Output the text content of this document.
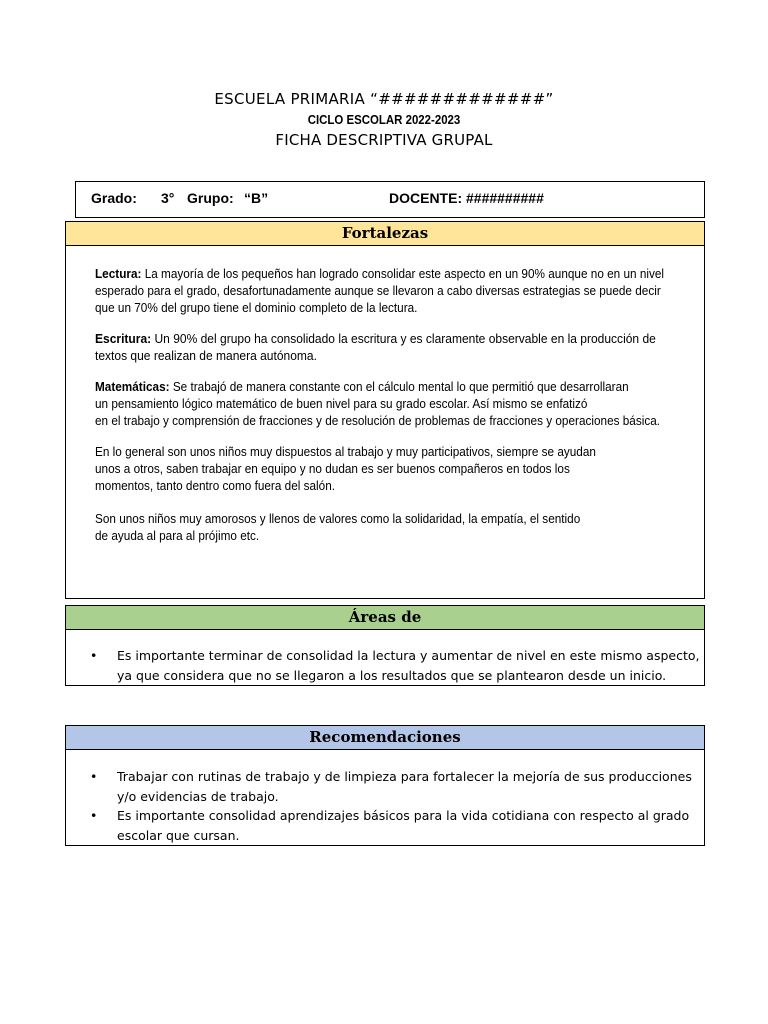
ESCUELA PRIMARIA “#############”
CICLO ESCOLAR 2022-2023
FICHA DESCRIPTIVA GRUPAL
Grado: 3° Grupo: “B”	DOCENTE: ##########
Fortalezas
Lectura: La mayoría de los pequeños han logrado consolidar este aspecto en un 90% aunque no en un nivel
esperado para el grado, desafortunadamente aunque se llevaron a cabo diversas estrategias se puede decir
que un 70% del grupo tiene el dominio completo de la lectura.
Escritura: Un 90% del grupo ha consolidado la escritura y es claramente observable en la producción de
textos que realizan de manera autónoma.
Matemáticas: Se trabajó de manera constante con el cálculo mental lo que permitió que desarrollaran
un pensamiento lógico matemático de buen nivel para su grado escolar. Así mismo se enfatizó
en el trabajo y comprensión de fracciones y de resolución de problemas de fracciones y operaciones básica.
En lo general son unos niños muy dispuestos al trabajo y muy participativos, siempre se ayudan
unos a otros, saben trabajar en equipo y no dudan es ser buenos compañeros en todos los
momentos, tanto dentro como fuera del salón.
Son unos niños muy amorosos y llenos de valores como la solidaridad, la empatía, el sentido
de ayuda al para al prójimo etc.
Áreas de
•	Es importante terminar de consolidad la lectura y aumentar de nivel en este mismo aspecto,
ya que considera que no se llegaron a los resultados que se plantearon desde un inicio.
Recomendaciones
•	Trabajar con rutinas de trabajo y de limpieza para fortalecer la mejoría de sus producciones
y/o evidencias de trabajo.
•	Es importante consolidad aprendizajes básicos para la vida cotidiana con respecto al grado
escolar que cursan.
